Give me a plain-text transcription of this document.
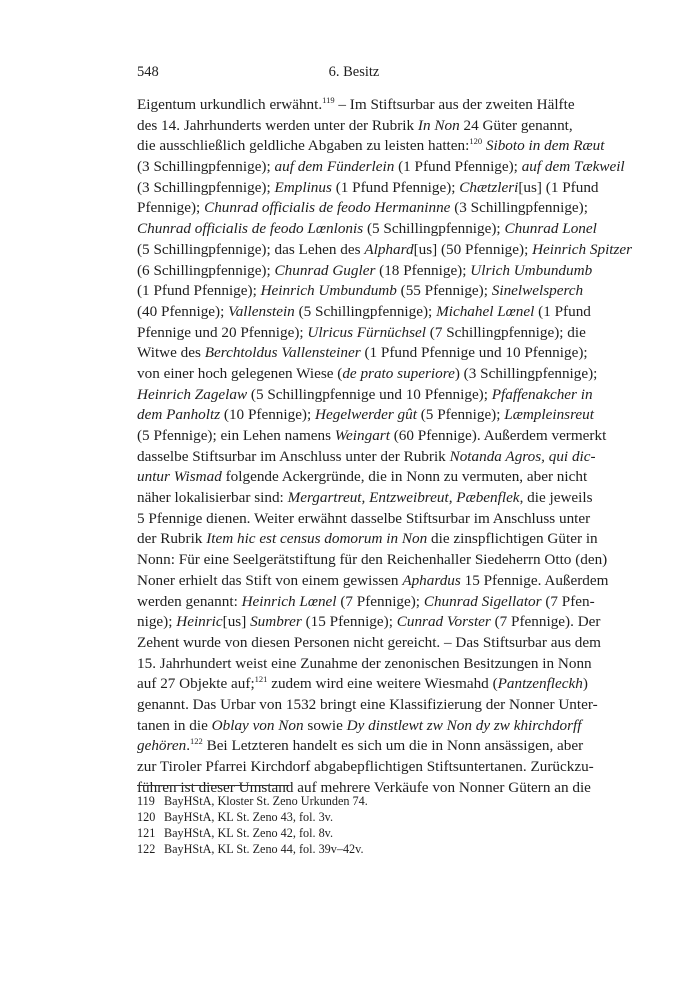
548	6. Besitz
Eigentum urkundlich erwähnt.$^{119}$ – Im Stiftsurbar aus der zweiten Hälfte
des 14. Jahrhunderts werden unter der Rubrik In Non 24 Güter genannt,
die ausschließlich geldliche Abgaben zu leisten hatten:$^{120}$ Siboto in dem Ræut
(3 Schillingpfennige); auf dem Fünderlein (1 Pfund Pfennige); auf dem Tækweil
(3 Schillingpfennige); Emplinus (1 Pfund Pfennige); Chætzleri[us] (1 Pfund
Pfennige); Chunrad officialis de feodo Hermaninne (3 Schillingpfennige);
Chunrad officialis de feodo Lœnlonis (5 Schillingpfennige); Chunrad Lonel
(5 Schillingpfennige); das Lehen des Alphard[us] (50 Pfennige); Heinrich Spitzer
(6 Schillingpfennige); Chunrad Gugler (18 Pfennige); Ulrich Umbundumb
(1 Pfund Pfennige); Heinrich Umbundumb (55 Pfennige); Sinelwelsperch
(40 Pfennige); Vallenstein (5 Schillingpfennige); Michahel Lœnel (1 Pfund
Pfennige und 20 Pfennige); Ulricus Fürnüchsel (7 Schillingpfennige); die
Witwe des Berchtoldus Vallensteiner (1 Pfund Pfennige und 10 Pfennige);
von einer hoch gelegenen Wiese (de prato superiore) (3 Schillingpfennige);
Heinrich Zagelaw (5 Schillingpfennige und 10 Pfennige); Pfaffenakcher in
dem Panholtz (10 Pfennige); Hegelwerder gût (5 Pfennige); Læmpleinsreut
(5 Pfennige); ein Lehen namens Weingart (60 Pfennige). Außerdem vermerkt
dasselbe Stiftsurbar im Anschluss unter der Rubrik Notanda Agros, qui dic-
untur Wismad folgende Ackergründe, die in Nonn zu vermuten, aber nicht
näher lokalisierbar sind: Mergartreut, Entzweibreut, Pæbenflek, die jeweils
5 Pfennige dienen. Weiter erwähnt dasselbe Stiftsurbar im Anschluss unter
der Rubrik Item hic est census domorum in Non die zinspflichtigen Güter in
Nonn: Für eine Seelgerätstiftung für den Reichenhaller Siedeherrn Otto (den)
Noner erhielt das Stift von einem gewissen Aphardus 15 Pfennige. Außerdem
werden genannt: Heinrich Lœnel (7 Pfennige); Chunrad Sigellator (7 Pfen-
nige); Heinric[us] Sumbrer (15 Pfennige); Cunrad Vorster (7 Pfennige). Der
Zehent wurde von diesen Personen nicht gereicht. – Das Stiftsurbar aus dem
15. Jahrhundert weist eine Zunahme der zenonischen Besitzungen in Nonn
auf 27 Objekte auf;$^{121}$ zudem wird eine weitere Wiesmahd (Pantzenfleckh)
genannt. Das Urbar von 1532 bringt eine Klassifizierung der Nonner Unter-
tanen in die Oblay von Non sowie Dy dinstlewt zw Non dy zw khirchdorff
gehören.$^{122}$ Bei Letzteren handelt es sich um die in Nonn ansässigen, aber
zur Tiroler Pfarrei Kirchdorf abgabepflichtigen Stiftsuntertanen. Zurückzu-
führen ist dieser Umstand auf mehrere Verkäufe von Nonner Gütern an die
119 BayHStA, Kloster St. Zeno Urkunden 74.
120 BayHStA, KL St. Zeno 43, fol. 3v.
121 BayHStA, KL St. Zeno 42, fol. 8v.
122 BayHStA, KL St. Zeno 44, fol. 39v–42v.
